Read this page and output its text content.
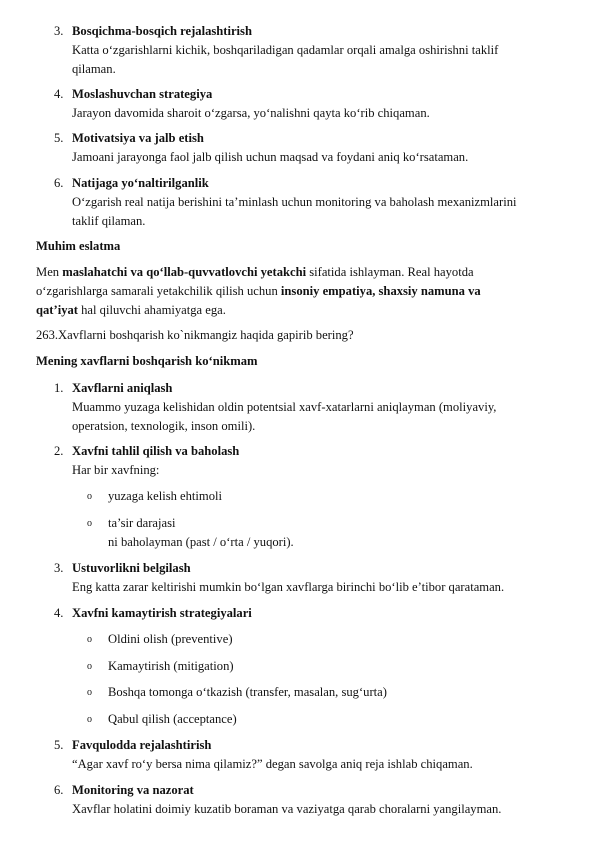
3. Bosqichma-bosqich rejalashtirish
Katta o‘zgarishlarni kichik, boshqariladigan qadamlar orqali amalga oshirishni taklif
qilaman.
4. Moslashuvchan strategiya
Jarayon davomida sharoit o‘zgarsa, yo‘nalishni qayta ko‘rib chiqaman.
5. Motivatsiya va jalb etish
Jamoani jarayonga faol jalb qilish uchun maqsad va foydani aniq ko‘rsataman.
6. Natijaga yo‘naltirilganlik
O‘zgarish real natija berishini ta’minlash uchun monitoring va baholash mexanizmlarini
taklif qilaman.
Muhim eslatma
Men maslahatchi va qo‘llab-quvvatlovchi yetakchi sifatida ishlayman. Real hayotda
o‘zgarishlarga samarali yetakchilik qilish uchun insoniy empatiya, shaxsiy namuna va
qat’iyat hal qiluvchi ahamiyatga ega.
263.Xavflarni boshqarish ko`nikmangiz haqida gapirib bering?
Mening xavflarni boshqarish ko‘nikmam
1. Xavflarni aniqlash
Muammo yuzaga kelishidan oldin potentsial xavf-xatarlarni aniqlayman (moliyaviy,
operatsion, texnologik, inson omili).
2. Xavfni tahlil qilish va baholash
Har bir xavfning:
o yuzaga kelish ehtimoli
o ta’sir darajasi
ni baholayman (past / o‘rta / yuqori).
3. Ustuvorlikni belgilash
Eng katta zarar keltirishi mumkin bo‘lgan xavflarga birinchi bo‘lib e’tibor qarataman.
4. Xavfni kamaytirish strategiyalari
o Oldini olish (preventive)
o Kamaytirish (mitigation)
o Boshqa tomonga o‘tkazish (transfer, masalan, sug‘urta)
o Qabul qilish (acceptance)
5. Favqulodda rejalashtirish
“Agar xavf ro‘y bersa nima qilamiz?” degan savolga aniq reja ishlab chiqaman.
6. Monitoring va nazorat
Xavflar holatini doimiy kuzatib boraman va vaziyatga qarab choralarni yangilayman.
